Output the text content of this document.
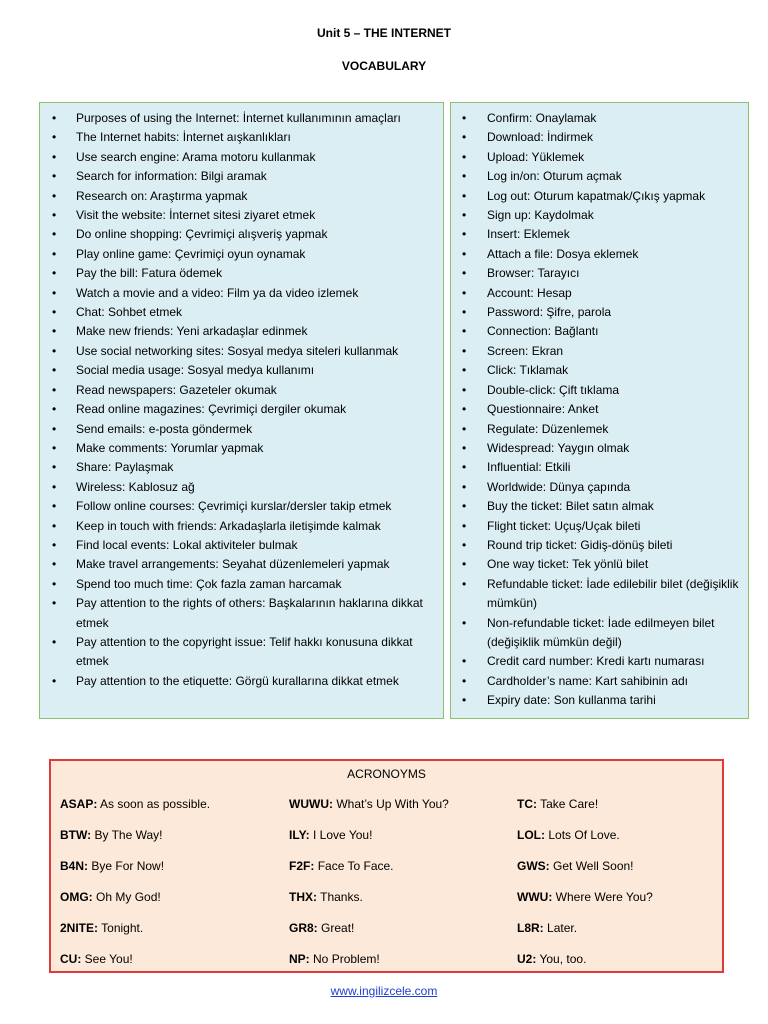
Unit 5 – THE INTERNET
VOCABULARY
• Purposes of using the Internet: İnternet kullanımının amaçları
• The Internet habits: İnternet aışkanlıkları
• Use search engine: Arama motoru kullanmak
• Search for information: Bilgi aramak
• Research on: Araştırma yapmak
• Visit the website: İnternet sitesi ziyaret etmek
• Do online shopping: Çevrimiçi alışveriş yapmak
• Play online game: Çevrimiçi oyun oynamak
• Pay the bill: Fatura ödemek
• Watch a movie and a video: Film ya da video izlemek
• Chat: Sohbet etmek
• Make new friends: Yeni arkadaşlar edinmek
• Use social networking sites: Sosyal medya siteleri kullanmak
• Social media usage: Sosyal medya kullanımı
• Read newspapers: Gazeteler okumak
• Read online magazines: Çevrimiçi dergiler okumak
• Send emails: e-posta göndermek
• Make comments: Yorumlar yapmak
• Share: Paylaşmak
• Wireless: Kablosuz ağ
• Follow online courses: Çevrimiçi kurslar/dersler takip etmek
• Keep in touch with friends: Arkadaşlarla iletişimde kalmak
• Find local events: Lokal aktiviteler bulmak
• Make travel arrangements: Seyahat düzenlemeleri yapmak
• Spend too much time: Çok fazla zaman harcamak
• Pay attention to the rights of others: Başkalarının haklarına dikkat etmek
• Pay attention to the copyright issue: Telif hakkı konusuna dikkat etmek
• Pay attention to the etiquette: Görgü kurallarına dikkat etmek
• Confirm: Onaylamak
• Download: İndirmek
• Upload: Yüklemek
• Log in/on: Oturum açmak
• Log out: Oturum kapatmak/Çıkış yapmak
• Sign up: Kaydolmak
• Insert: Eklemek
• Attach a file: Dosya eklemek
• Browser: Tarayıcı
• Account: Hesap
• Password: Şifre, parola
• Connection: Bağlantı
• Screen: Ekran
• Click: Tıklamak
• Double-click: Çift tıklama
• Questionnaire: Anket
• Regulate: Düzenlemek
• Widespread: Yaygın olmak
• Influential: Etkili
• Worldwide: Dünya çapında
• Buy the ticket: Bilet satın almak
• Flight ticket: Uçuş/Uçak bileti
• Round trip ticket: Gidiş-dönüş bileti
• One way ticket: Tek yönlü bilet
• Refundable ticket: İade edilebilir bilet (değişiklik mümkün)
• Non-refundable ticket: İade edilmeyen bilet (değişiklik mümkün değil)
• Credit card number: Kredi kartı numarası
• Cardholder’s name: Kart sahibinin adı
• Expiry date: Son kullanma tarihi
ACRONOYMS
ASAP: As soon as possible.
BTW: By The Way!
B4N: Bye For Now!
OMG: Oh My God!
2NITE: Tonight.
CU: See You!
WUWU: What’s Up With You?
ILY: I Love You!
F2F: Face To Face.
THX: Thanks.
GR8: Great!
NP: No Problem!
TC: Take Care!
LOL: Lots Of Love.
GWS: Get Well Soon!
WWU: Where Were You?
L8R: Later.
U2: You, too.
www.ingilizcele.com
